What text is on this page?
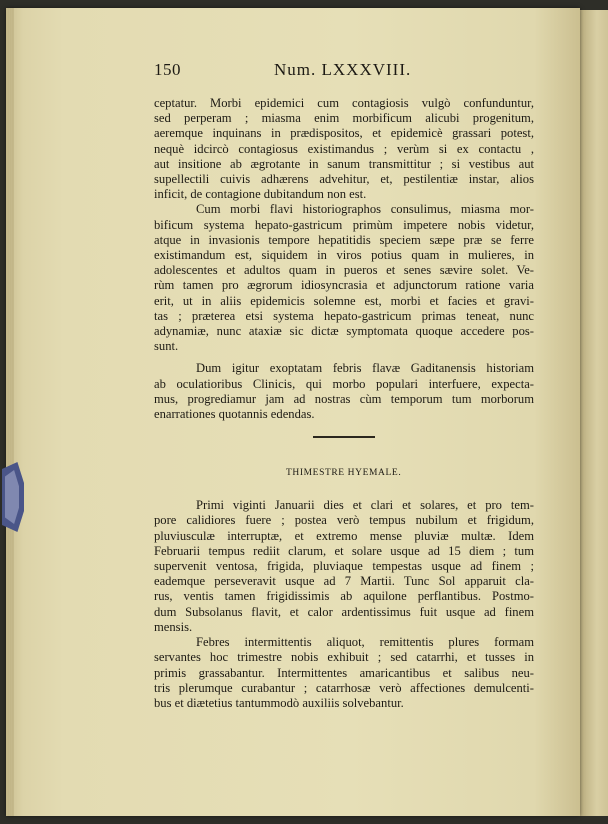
150	Num. LXXXVIII.

ceptatur. Morbi epidemici cum contagiosis vulgò confunduntur,
sed perperam ; miasma enim morbificum alicubi progenitum,
aeremque inquinans in prædispositos, et epidemicè grassari potest,
nequè idcircò contagiosus existimandus ; verùm si ex contactu ,
aut insitione ab ægrotante in sanum transmittitur ; si vestibus aut
supellectili cuivis adhærens advehitur, et, pestilentiæ instar, alios
inficit, de contagione dubitandum non est.

Cum morbi flavi historiographos consulimus, miasma mor-
bificum systema hepato-gastricum primùm impetere nobis videtur,
atque in invasionis tempore hepatitidis speciem sæpe præ se ferre
existimandum est, siquidem in viros potius quam in mulieres, in
adolescentes et adultos quam in pueros et senes sævire solet. Ve-
rùm tamen pro ægrorum idiosyncrasia et adjunctorum ratione varia
erit, ut in aliis epidemicis solemne est, morbi et facies et gravi-
tas ; præterea etsi systema hepato-gastricum primas teneat, nunc
adynamiæ, nunc ataxiæ sic dictæ symptomata quoque accedere pos-
sunt.

Dum igitur exoptatam febris flavæ Gaditanensis historiam
ab oculatioribus Clinicis, qui morbo populari interfuere, expecta-
mus, progrediamur jam ad nostras cùm temporum tum morborum
enarrationes quotannis edendas.

THIMESTRE HYEMALE.

Primi viginti Januarii dies et clari et solares, et pro tem-
pore calidiores fuere ; postea verò tempus nubilum et frigidum,
pluviusculæ interruptæ, et extremo mense pluviæ multæ. Idem
Februarii tempus rediit clarum, et solare usque ad 15 diem ; tum
supervenit ventosa, frigida, pluviaque tempestas usque ad finem ;
eademque perseveravit usque ad 7 Martii. Tunc Sol apparuit cla-
rus, ventis tamen frigidissimis ab aquilone perflantibus. Postmo-
dum Subsolanus flavit, et calor ardentissimus fuit usque ad finem
mensis.

Febres intermittentis aliquot, remittentis plures formam
servantes hoc trimestre nobis exhibuit ; sed catarrhi, et tusses in
primis grassabantur. Intermittentes amaricantibus et salibus neu-
tris plerumque curabantur ; catarrhosæ verò affectiones demulcenti-
bus et diætetius tantummodò auxiliis solvebantur.
